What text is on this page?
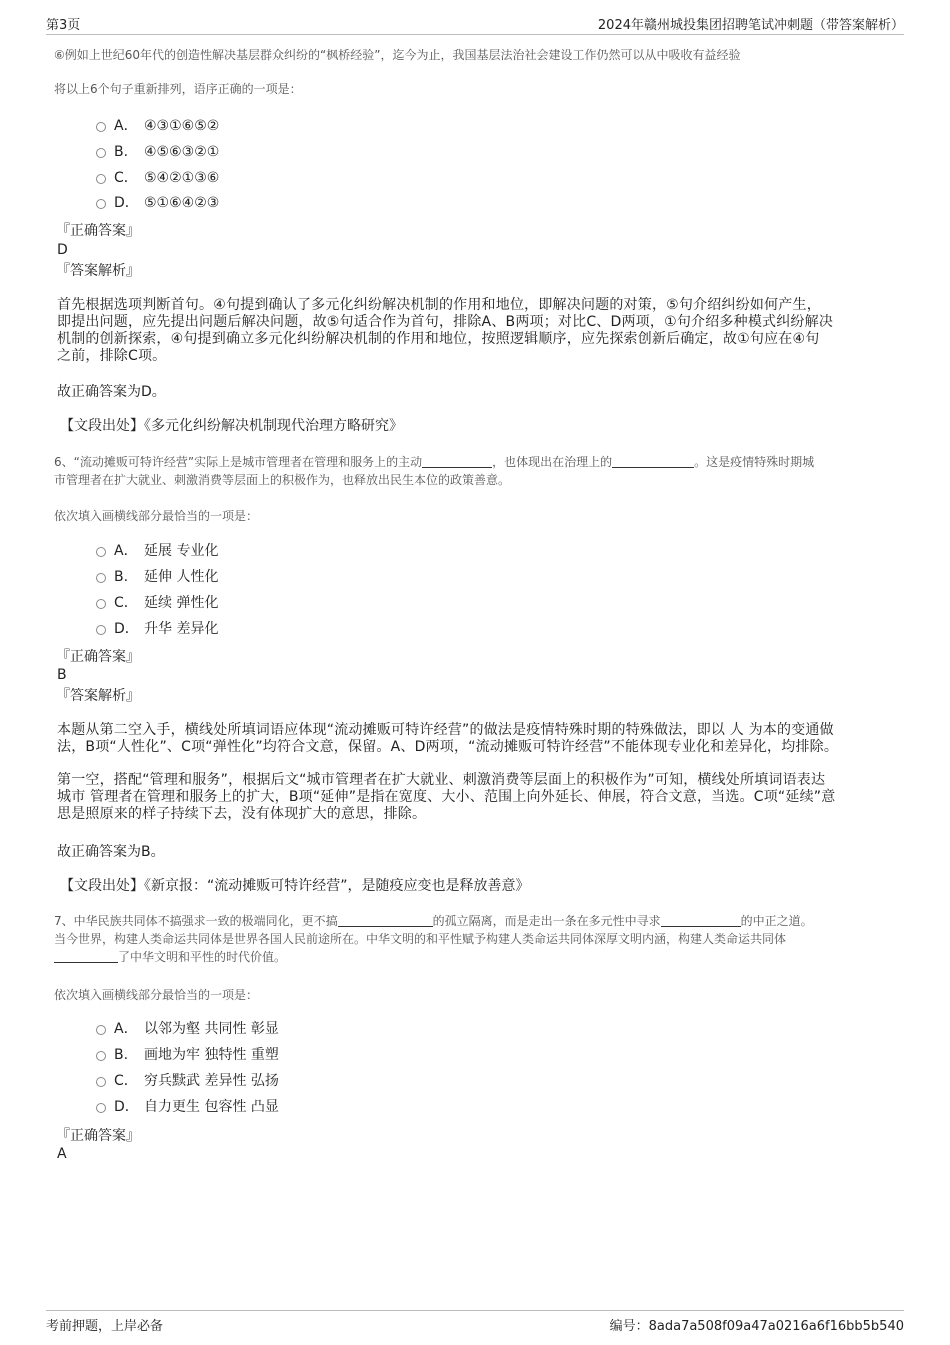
第3页	2024年赣州城投集团招聘笔试冲刺题（带答案解析）
⑥例如上世纪60年代的创造性解决基层群众纠纷的“枫桥经验”，迄今为止，我国基层法治社会建设工作仍然可以从中吸收有益经验
将以上6个句子重新排列，语序正确的一项是：
A． ④③①⑥⑤②
B. ④⑤⑥③②①
C． ⑤④②①③⑥
D． ⑤①⑥④②③
『正确答案』
D
『答案解析』
首先根据选项判断首句。④句提到确认了多元化纠纷解决机制的作用和地位，即解决问题的对策，⑤句介绍纠纷如何产生，
即提出问题，应先提出问题后解决问题，故⑤句适合作为首句，排除A、B两项；对比C、D两项，①句介绍多种模式纠纷解决
机制的创新探索，④句提到确立多元化纠纷解决机制的作用和地位，按照逻辑顺序，应先探索创新后确定，故①句应在④句
之前，排除C项。
故正确答案为D。
【文段出处】《多元化纠纷解决机制现代治理方略研究》
6、“流动摊贩可特许经营”实际上是城市管理者在管理和服务上的主动	，也体现出在治理上的	。这是疫情特殊时期城
市管理者在扩大就业、刺激消费等层面上的积极作为，也释放出民生本位的政策善意。
依次填入画横线部分最恰当的一项是：
A． 延展 专业化
B. 延伸 人性化
C． 延续 弹性化
D． 升华 差异化
『正确答案』
B
『答案解析』
本题从第二空入手，横线处所填词语应体现“流动摊贩可特许经营”的做法是疫情特殊时期的特殊做法，即以 人 为本的变通做
法，B项“人性化”、C项“弹性化”均符合文意，保留。A、D两项，“流动摊贩可特许经营”不能体现专业化和差异化，均排除。
第一空，搭配“管理和服务”，根据后文“城市管理者在扩大就业、刺激消费等层面上的积极作为”可知，横线处所填词语表达
城市 管理者在管理和服务上的扩大，B项“延伸”是指在宽度、大小、范围上向外延长、伸展，符合文意，当选。C项“延续”意
思是照原来的样子持续下去，没有体现扩大的意思，排除。
故正确答案为B。
【文段出处】《新京报：“流动摊贩可特许经营”，是随疫应变也是释放善意》
7、中华民族共同体不搞强求一致的极端同化，更不搞	的孤立隔离，而是走出一条在多元性中寻求	的中正之道。
当今世界，构建人类命运共同体是世界各国人民前途所在。中华文明的和平性赋予构建人类命运共同体深厚文明内涵，构建人类命运共同体
了中华文明和平性的时代价值。
依次填入画横线部分最恰当的一项是：
A． 以邻为壑 共同性 彰显
B. 画地为牢 独特性 重塑
C． 穷兵黩武 差异性 弘扬
D． 自力更生 包容性 凸显
『正确答案』
A
考前押题，上岸必备	编号：8ada7a508f09a47a0216a6f16bb5b540
